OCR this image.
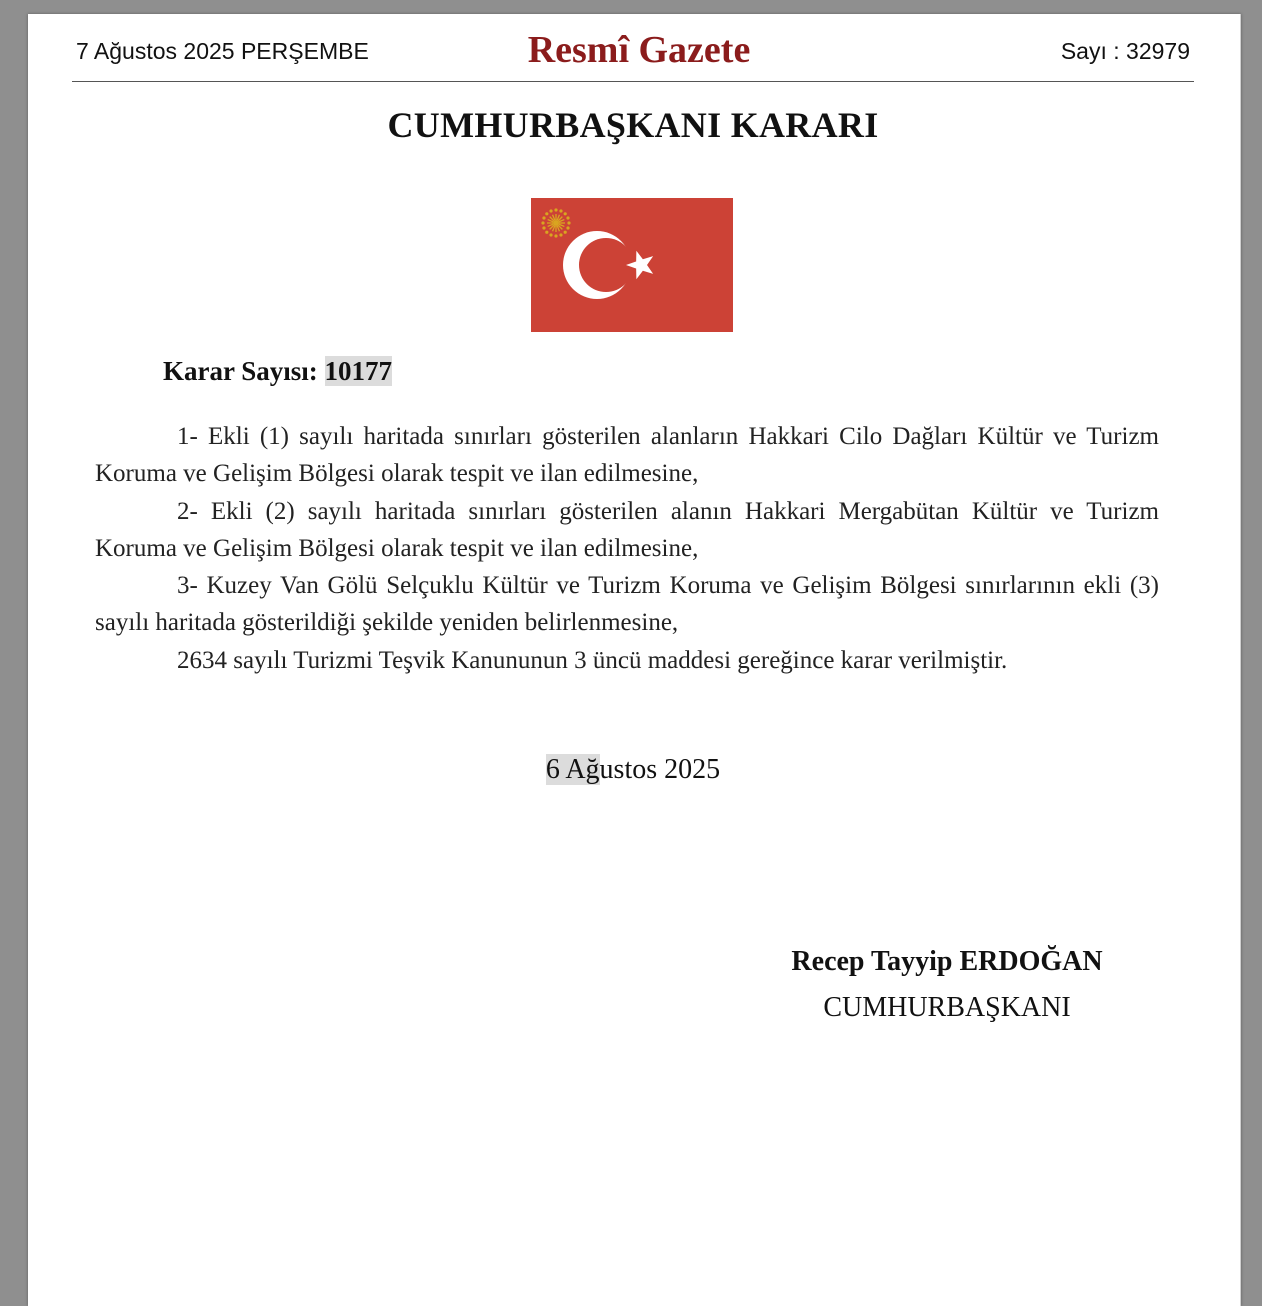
7 Ağustos 2025 PERŞEMBE	Resmî Gazete	Sayı : 32979
CUMHURBAŞKANI KARARI
Karar Sayısı: 10177

1- Ekli (1) sayılı haritada sınırları gösterilen alanların Hakkari Cilo Dağları Kültür ve Turizm Koruma ve Gelişim Bölgesi olarak tespit ve ilan edilmesine,

2- Ekli (2) sayılı haritada sınırları gösterilen alanın Hakkari Mergabütan Kültür ve Turizm Koruma ve Gelişim Bölgesi olarak tespit ve ilan edilmesine,

3- Kuzey Van Gölü Selçuklu Kültür ve Turizm Koruma ve Gelişim Bölgesi sınırlarının ekli (3) sayılı haritada gösterildiği şekilde yeniden belirlenmesine,

2634 sayılı Turizmi Teşvik Kanununun 3 üncü maddesi gereğince karar verilmiştir.

6 Ağustos 2025
Recep Tayyip ERDOĞAN
CUMHURBAŞKANI
